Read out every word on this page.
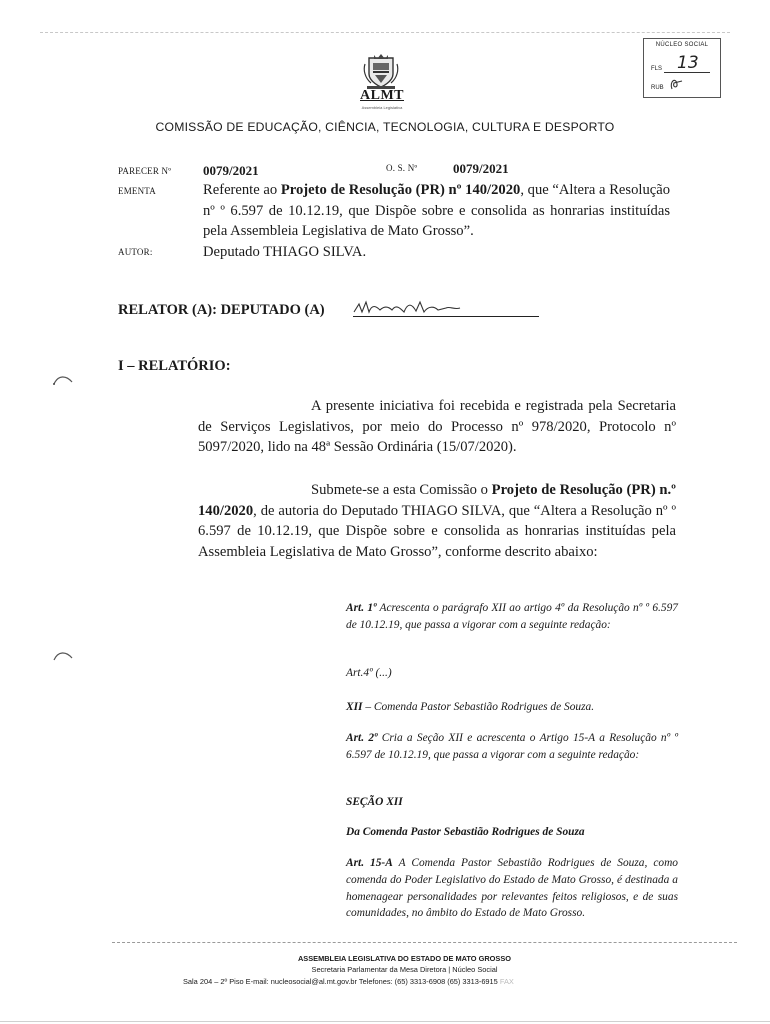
NÚCLEO SOCIAL
FLS 13
RUB
ALMT
Assembleia Legislativa
COMISSÃO DE EDUCAÇÃO, CIÊNCIA, TECNOLOGIA, CULTURA E DESPORTO
PARECER Nº 0079/2021	O. S. Nº	0079/2021
EMENTA	Referente ao Projeto de Resolução (PR) nº 140/2020, que “Altera a Resolução nº º 6.597 de 10.12.19, que Dispõe sobre e consolida as honrarias instituídas pela Assembleia Legislativa de Mato Grosso”.
AUTOR:	Deputado THIAGO SILVA.
RELATOR (A): DEPUTADO (A)
I – RELATÓRIO:
A presente iniciativa foi recebida e registrada pela Secretaria de Serviços Legislativos, por meio do Processo nº 978/2020, Protocolo nº 5097/2020, lido na 48ª Sessão Ordinária (15/07/2020).
Submete-se a esta Comissão o Projeto de Resolução (PR) n.º 140/2020, de autoria do Deputado THIAGO SILVA, que “Altera a Resolução nº º 6.597 de 10.12.19, que Dispõe sobre e consolida as honrarias instituídas pela Assembleia Legislativa de Mato Grosso”, conforme descrito abaixo:
Art. 1º Acrescenta o parágrafo XII ao artigo 4º da Resolução nº º 6.597 de 10.12.19, que passa a vigorar com a seguinte redação:
Art.4º (...)
XII – Comenda Pastor Sebastião Rodrigues de Souza.
Art. 2º Cria a Seção XII e acrescenta o Artigo 15-A a Resolução nº º 6.597 de 10.12.19, que passa a vigorar com a seguinte redação:
SEÇÃO XII
Da Comenda Pastor Sebastião Rodrigues de Souza
Art. 15-A A Comenda Pastor Sebastião Rodrigues de Souza, como comenda do Poder Legislativo do Estado de Mato Grosso, é destinada a homenagear personalidades por relevantes feitos religiosos, e de suas comunidades, no âmbito do Estado de Mato Grosso.
ASSEMBLEIA LEGISLATIVA DO ESTADO DE MATO GROSSO
Secretaria Parlamentar da Mesa Diretora | Núcleo Social
Sala 204 – 2º Piso E-mail: nucleosocial@al.mt.gov.br Telefones: (65) 3313-6908 (65) 3313-6915 FAX
